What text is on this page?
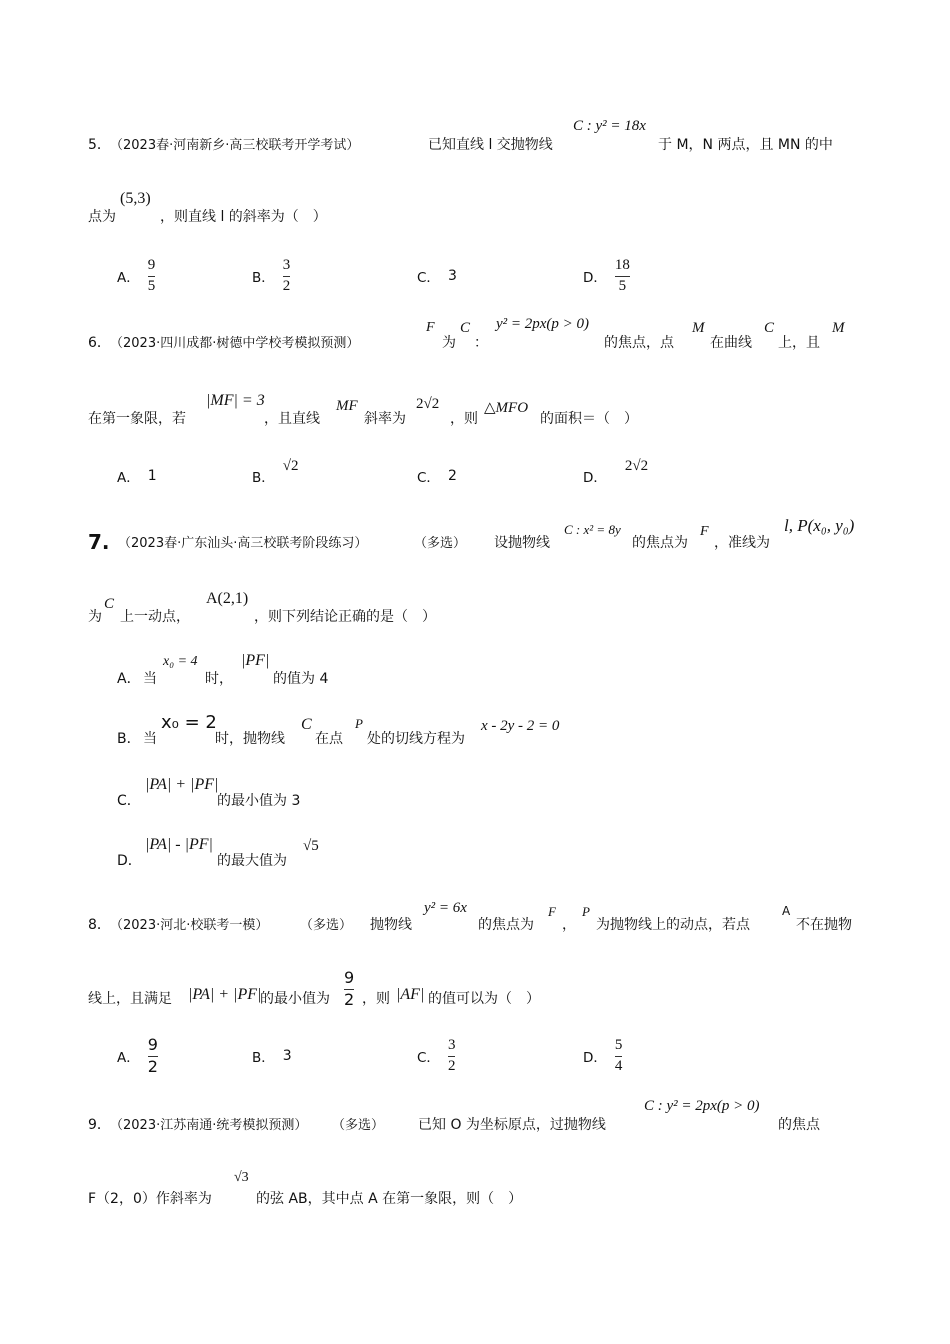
5． （2023春·河南新乡·高三校联考开学考试）	已知直线 l 交抛物线
C : y² = 18x
于 M，N 两点，且 MN 的中
点为
(5,3)
，则直线 l 的斜率为（　）
A． $\frac{9}{5}$	B． $\frac{3}{2}$	C． 3	D． $\frac{18}{5}$
6． （2023·四川成都·树德中学校考模拟预测）
F
为
C
：
y² = 2px(p > 0)
的焦点，点
M
在曲线
C
上，且
M
在第一象限，若
|MF| = 3
，且直线
MF
斜率为
2√2
，则
△MFO
的面积＝（　）
A． 1	B．
√2
C． 2	D．
2√2
7. （2023春·广东汕头·高三校联考阶段练习）	（多选） 设抛物线
C : x² = 8y
的焦点为
F
，准线为
l, P(x₀, y₀)
为
C
上一动点，
A(2,1)
，则下列结论正确的是（　）
A． 当
x₀ = 4
时，
|PF|
的值为 4
B． 当
x₀ = 2
时，抛物线
C
在点
P
处的切线方程为
x - 2y - 2 = 0
C．
|PA| + |PF|
的最小值为 3
D．
|PA| - |PF|
的最大值为
√5
8． （2023·河北·校联考一模） （多选） 抛物线
y² = 6x
的焦点为
F
，
P
为抛物线上的动点，若点
A
不在抛物
线上，且满足 |PA| + |PF|
的最小值为
9
2 ，则 |AF| 的值可以为（　）
A． $\frac{9}{2}$	B． 3	C． $\frac{3}{2}$	D． $\frac{5}{4}$
9． （2023·江苏南通·统考模拟预测） （多选） 已知 O 为坐标原点，过抛物线
C : y² = 2px(p > 0)
的焦点
F（2，0）作斜率为
√3
的弦 AB，其中点 A 在第一象限，则（　）
